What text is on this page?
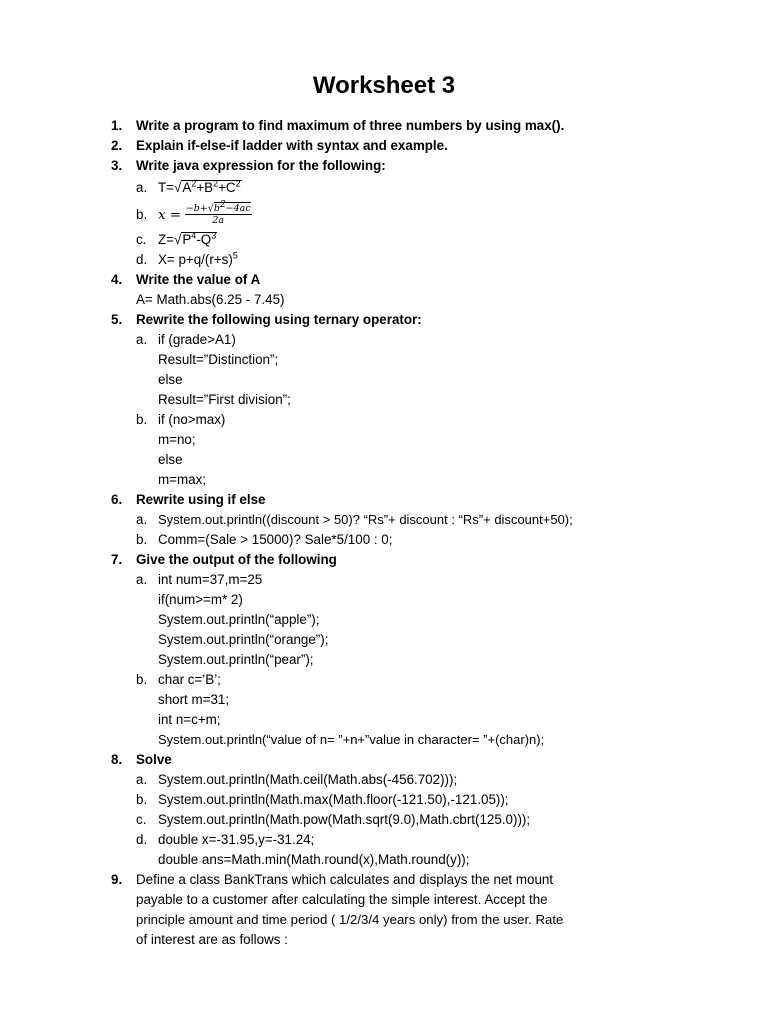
Worksheet 3
1. Write a program to find maximum of three numbers by using max().
2. Explain if-else-if ladder with syntax and example.
3. Write java expression for the following:
a. $T=√A^2+B^2+C^2$
b. $x = \frac{-b+√b^2-4ac}{2a}$
c. $Z=√P^4-Q^3$
d. $X= p+q/(r+s)^5$
4. Write the value of A
A= Math.abs(6.25 - 7.45)
5. Rewrite the following using ternary operator:
a. if (grade>A1)
Result=”Distinction”;
else
Result=”First division”;
b. if (no>max)
m=no;
else
m=max;
6. Rewrite using if else
a. System.out.println((discount > 50)? “Rs”+ discount : “Rs”+ discount+50);
b. Comm=(Sale > 15000)? Sale*5/100 : 0;
7. Give the output of the following
a. int num=37,m=25
if(num>=m* 2)
System.out.println(“apple”);
System.out.println(“orange”);
System.out.println(“pear”);
b. char c=’B’;
short m=31;
int n=c+m;
System.out.println(“value of n= ”+n+”value in character= ”+(char)n);
8. Solve
a. System.out.println(Math.ceil(Math.abs(-456.702)));
b. System.out.println(Math.max(Math.floor(-121.50),-121.05));
c. System.out.println(Math.pow(Math.sqrt(9.0),Math.cbrt(125.0)));
d. double x=-31.95,y=-31.24;
double ans=Math.min(Math.round(x),Math.round(y));
9. Define a class BankTrans which calculates and displays the net mount
payable to a customer after calculating the simple interest. Accept the
principle amount and time period ( 1/2/3/4 years only) from the user. Rate
of interest are as follows :
